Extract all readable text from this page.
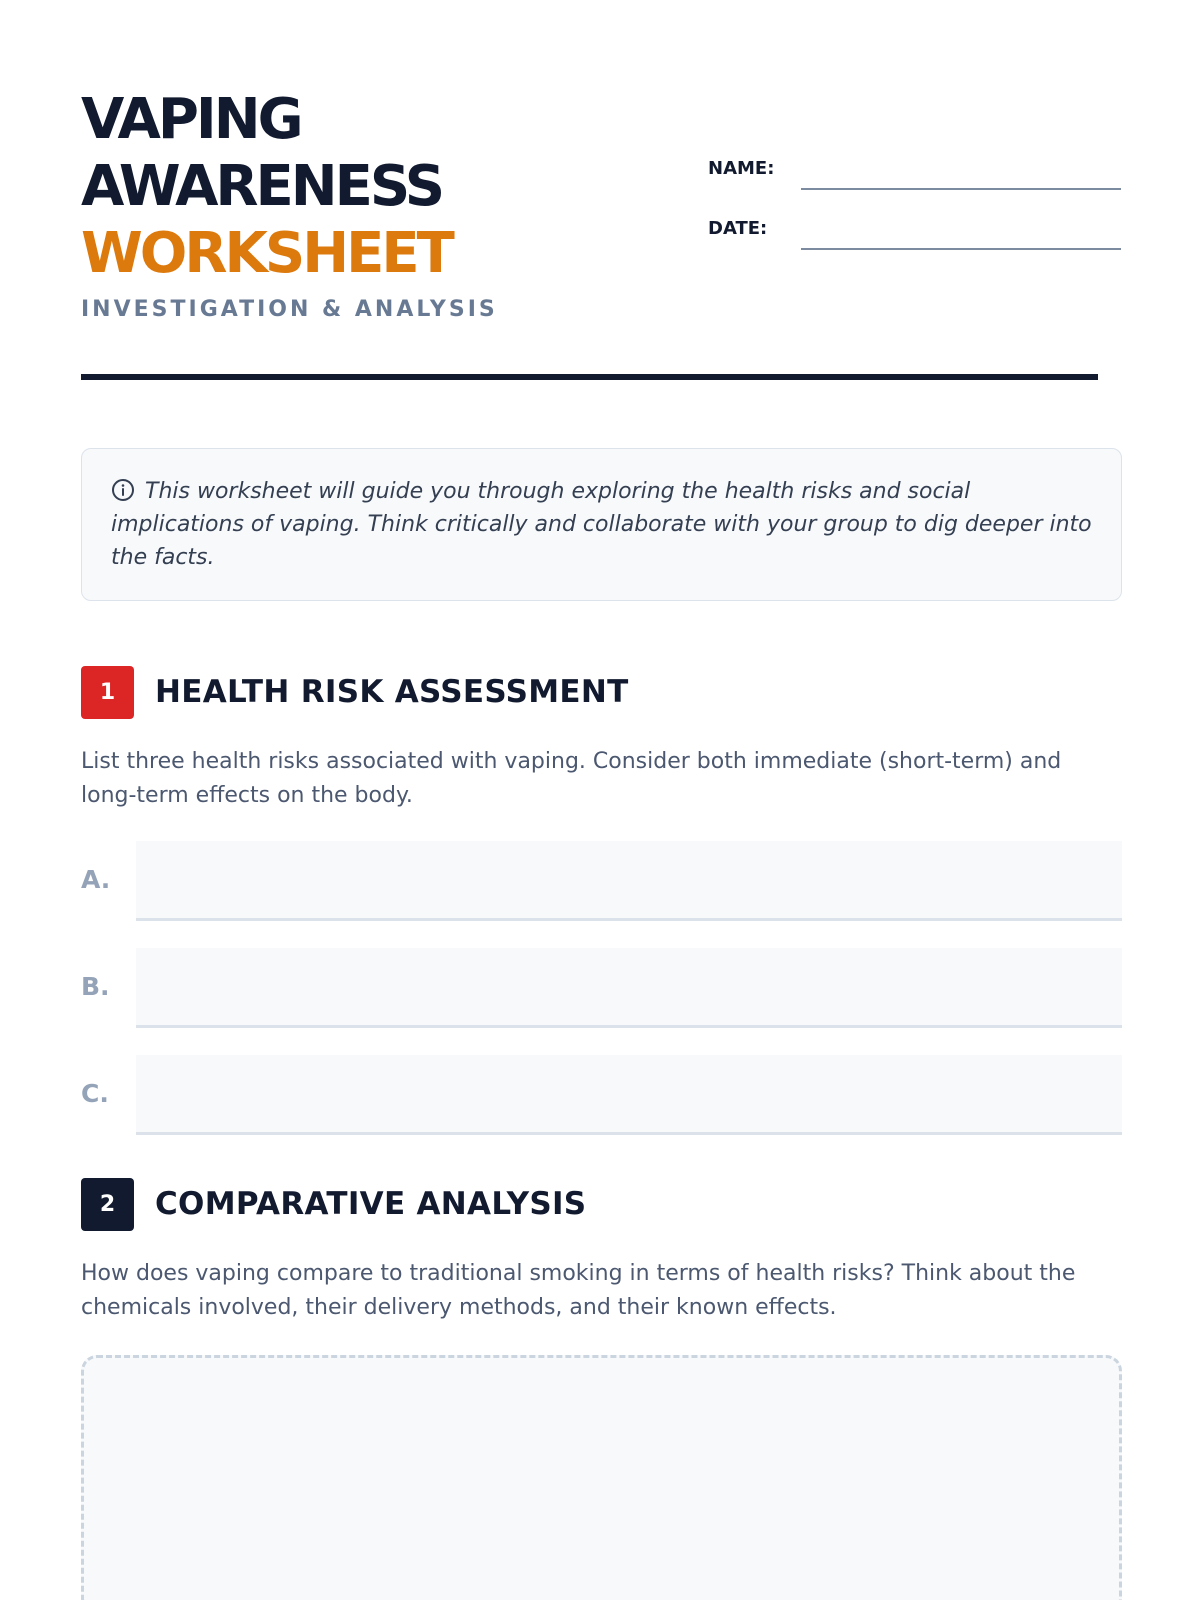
VAPING
AWARENESS
WORKSHEET
INVESTIGATION & ANALYSIS
NAME:
DATE:
This worksheet will guide you through exploring the health risks and social implications of vaping. Think critically and collaborate with your group to dig deeper into the facts.
1	HEALTH RISK ASSESSMENT

List three health risks associated with vaping. Consider both immediate (short-term) and long-term effects on the body.

A.
B.
C.
2	COMPARATIVE ANALYSIS

How does vaping compare to traditional smoking in terms of health risks? Think about the chemicals involved, their delivery methods, and their known effects.
